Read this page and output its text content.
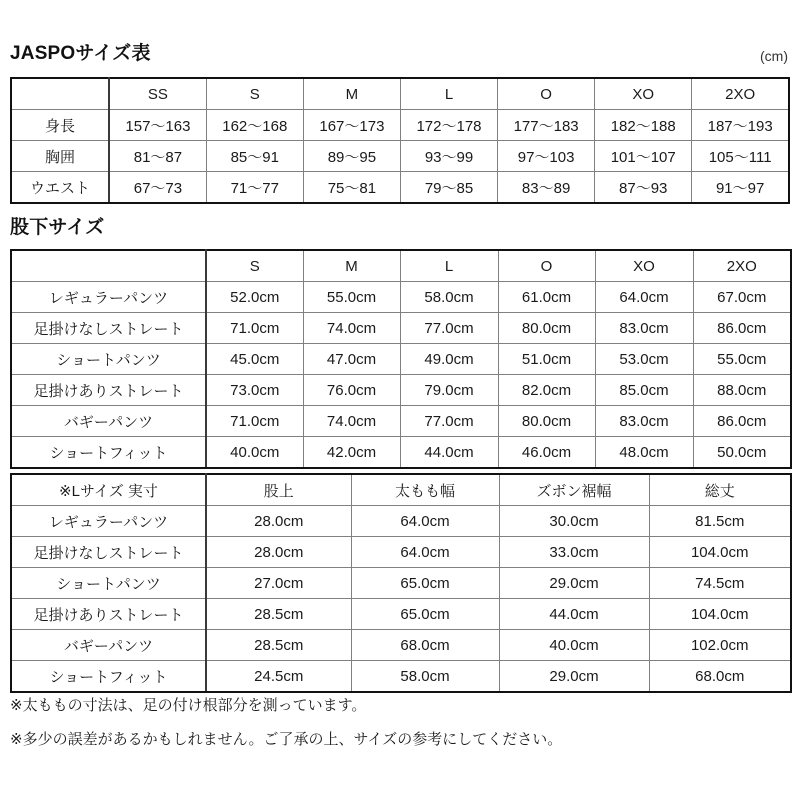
JASPOサイズ表	(cm)
	SS	S	M	L	O	XO	2XO
身長	157〜163	162〜168	167〜173	172〜178	177〜183	182〜188	187〜193
胸囲	81〜87	85〜91	89〜95	93〜99	97〜103	101〜107	105〜111
ウエスト	67〜73	71〜77	75〜81	79〜85	83〜89	87〜93	91〜97
股下サイズ
	S	M	L	O	XO	2XO
レギュラーパンツ	52.0cm	55.0cm	58.0cm	61.0cm	64.0cm	67.0cm
足掛けなしストレート	71.0cm	74.0cm	77.0cm	80.0cm	83.0cm	86.0cm
ショートパンツ	45.0cm	47.0cm	49.0cm	51.0cm	53.0cm	55.0cm
足掛けありストレート	73.0cm	76.0cm	79.0cm	82.0cm	85.0cm	88.0cm
バギーパンツ	71.0cm	74.0cm	77.0cm	80.0cm	83.0cm	86.0cm
ショートフィット	40.0cm	42.0cm	44.0cm	46.0cm	48.0cm	50.0cm
※Lサイズ 実寸	股上	太もも幅	ズボン裾幅	総丈
レギュラーパンツ	28.0cm	64.0cm	30.0cm	81.5cm
足掛けなしストレート	28.0cm	64.0cm	33.0cm	104.0cm
ショートパンツ	27.0cm	65.0cm	29.0cm	74.5cm
足掛けありストレート	28.5cm	65.0cm	44.0cm	104.0cm
バギーパンツ	28.5cm	68.0cm	40.0cm	102.0cm
ショートフィット	24.5cm	58.0cm	29.0cm	68.0cm
※太ももの寸法は、足の付け根部分を測っています。
※多少の誤差があるかもしれません。ご了承の上、サイズの参考にしてください。
